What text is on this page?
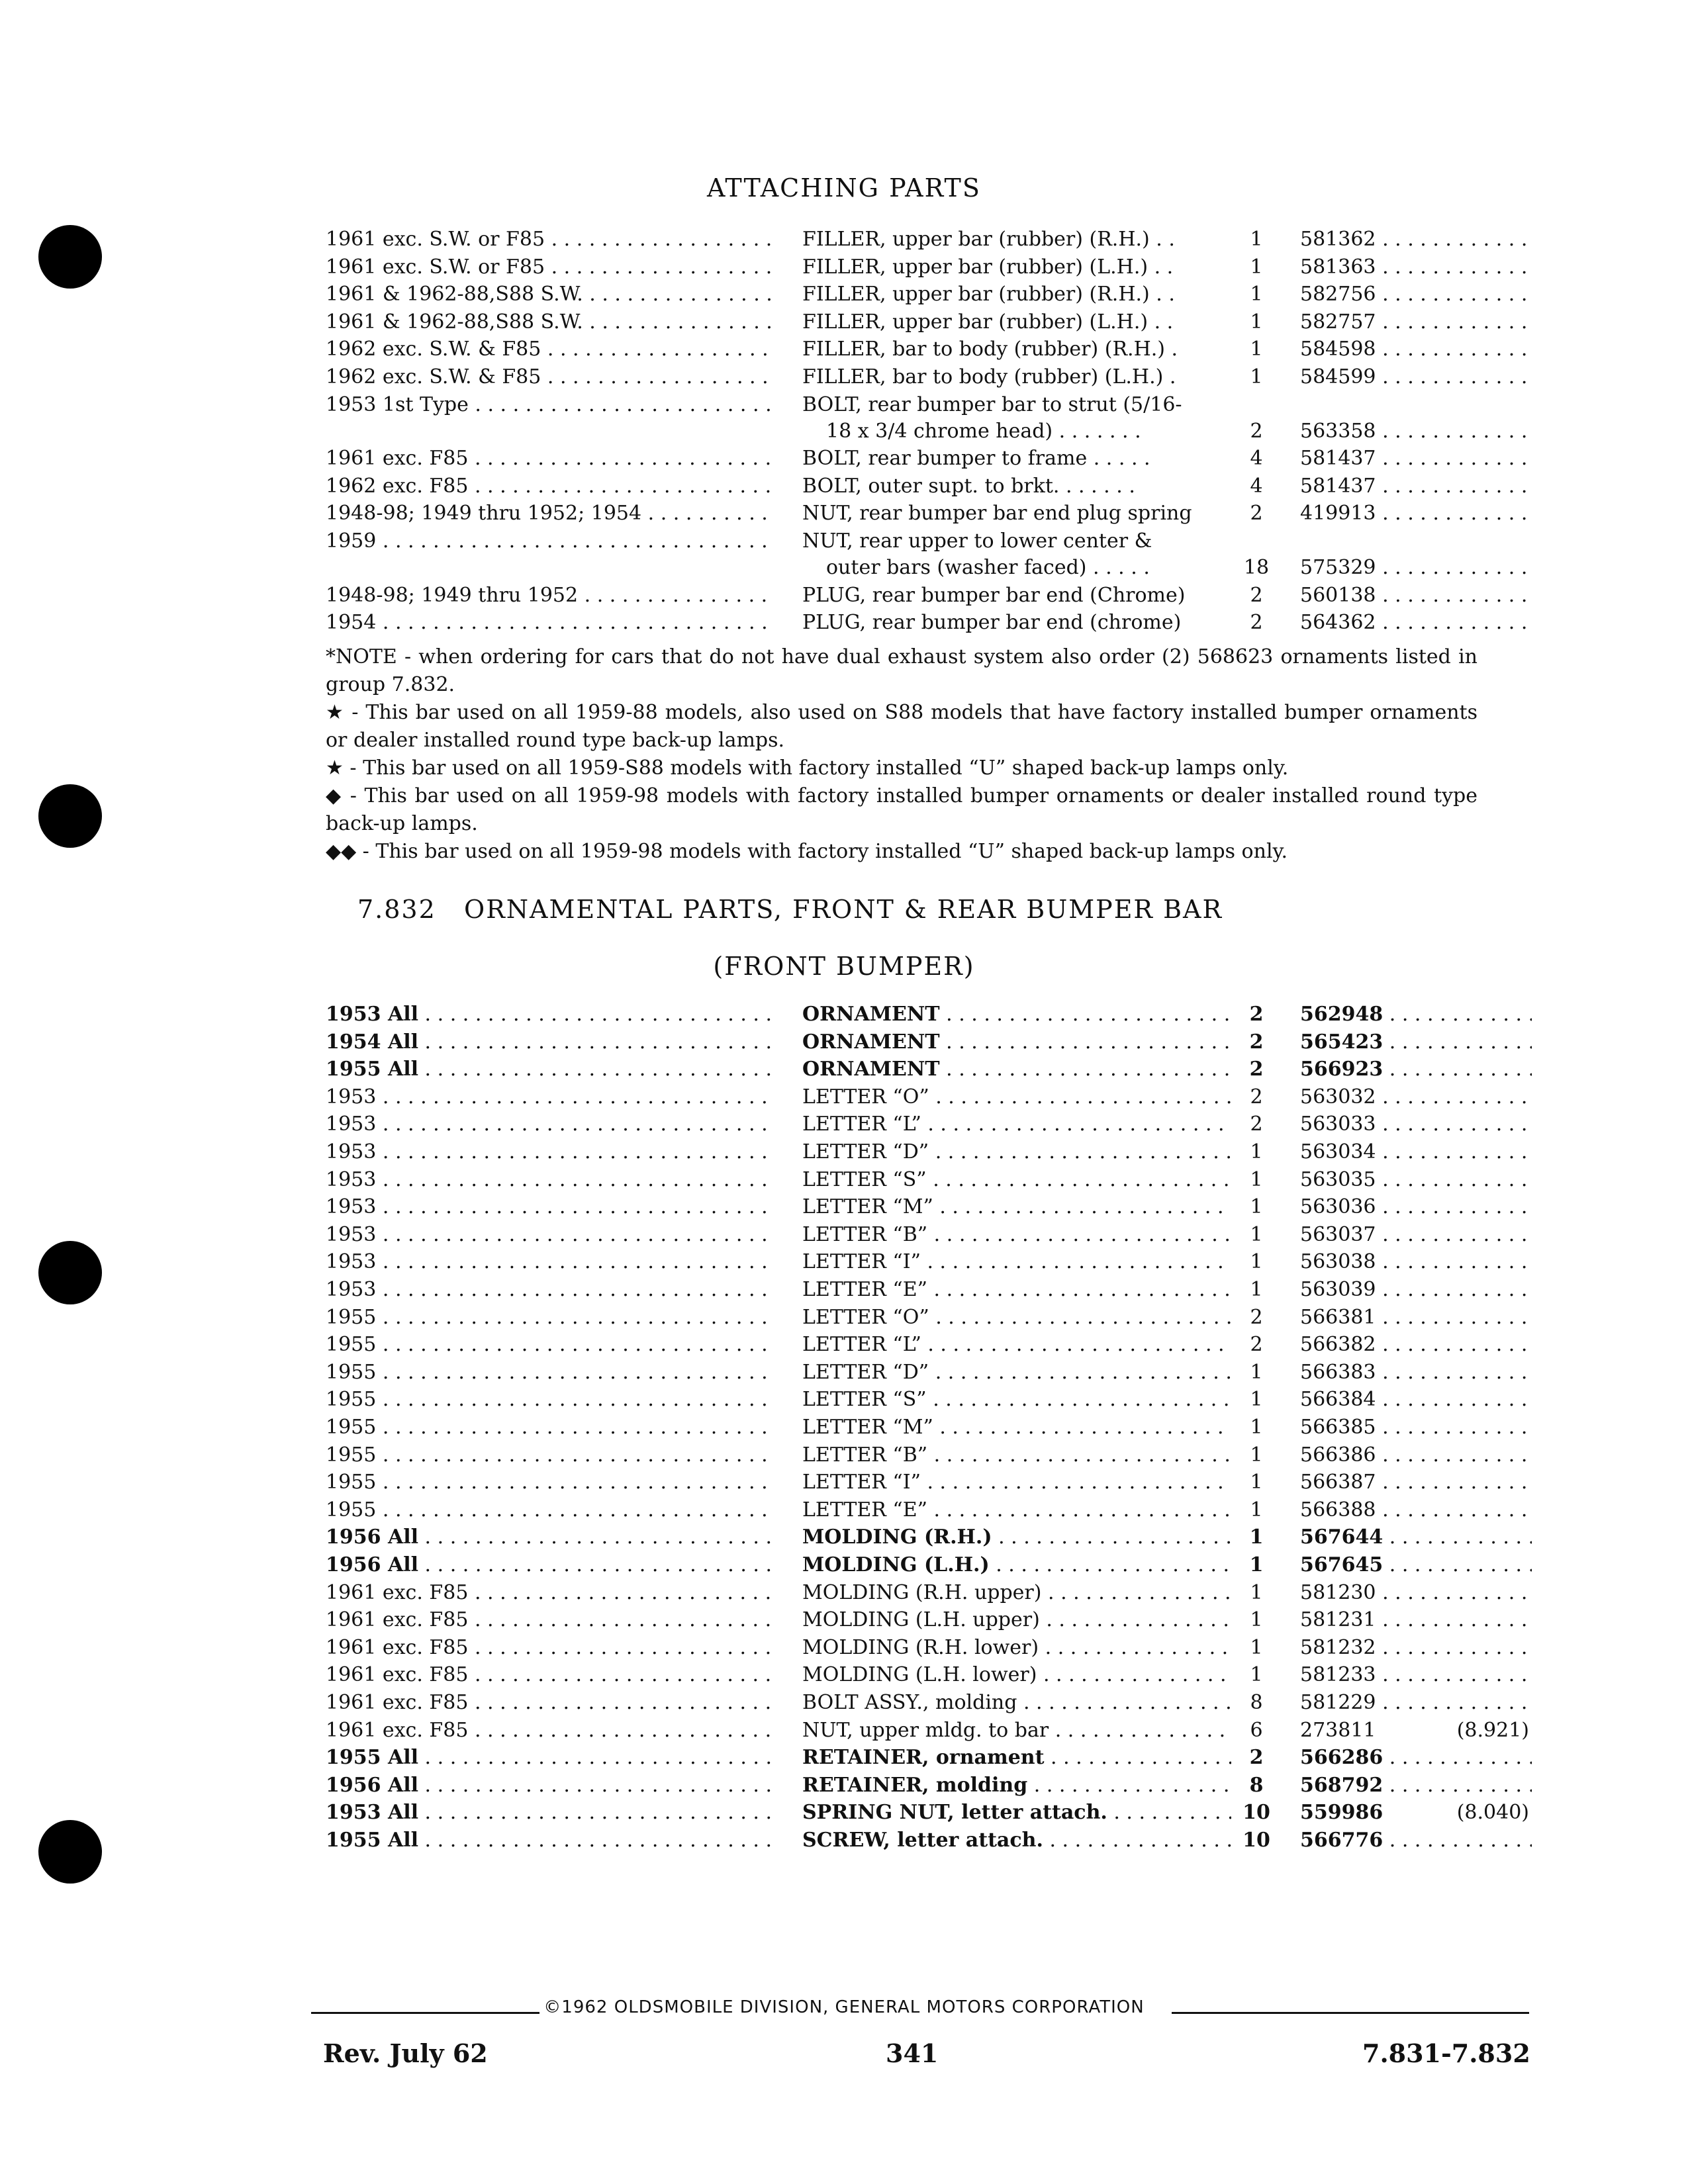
ATTACHING PARTS
1961 exc. S.W. or F85 . . .	FILLER, upper bar (rubber) (R.H.) . .	1	581362 . . .
1961 exc. S.W. or F85 . . .	FILLER, upper bar (rubber) (L.H.) . .	1	581363 . . .
1961 & 1962-88,S88 S.W. . . .	FILLER, upper bar (rubber) (R.H.) . .	1	582756 . . .
1961 & 1962-88,S88 S.W. . . .	FILLER, upper bar (rubber) (L.H.) . .	1	582757 . . .
1962 exc. S.W. & F85 . . .	FILLER, bar to body (rubber) (R.H.) .	1	584598 . . .
1962 exc. S.W. & F85 . . .	FILLER, bar to body (rubber) (L.H.) .	1	584599 . . .
1953 1st Type . . .	BOLT, rear bumper bar to strut (5/16-
18 x 3/4 chrome head) . . . . . . .	2	563358 . . .
1961 exc. F85 . . .	BOLT, rear bumper to frame . . . . .	4	581437 . . .
1962 exc. F85 . . .	BOLT, outer supt. to brkt. . . . . . .	4	581437 . . .
1948-98; 1949 thru 1952; 1954 . . .	NUT, rear bumper bar end plug spring	2	419913 . . .
1959 . . .	NUT, rear upper to lower center &
outer bars (washer faced) . . . . .	18	575329 . . .
1948-98; 1949 thru 1952 . . .	PLUG, rear bumper bar end (Chrome)	2	560138 . . .
1954 . . .	PLUG, rear bumper bar end (chrome)	2	564362 . . .

*NOTE - when ordering for cars that do not have dual exhaust system also order (2) 568623 ornaments listed in group 7.832.

★ - This bar used on all 1959-88 models, also used on S88 models that have factory installed bumper ornaments or dealer installed round type back-up lamps.

★ - This bar used on all 1959-S88 models with factory installed “U” shaped back-up lamps only.

◆ - This bar used on all 1959-98 models with factory installed bumper ornaments or dealer installed round type back-up lamps.

◆◆ - This bar used on all 1959-98 models with factory installed “U” shaped back-up lamps only.

7.832 ORNAMENTAL PARTS, FRONT & REAR BUMPER BAR
(FRONT BUMPER)
1953 All . . .	ORNAMENT . . .	2	562948 . . .
1954 All . . .	ORNAMENT . . .	2	565423 . . .
1955 All . . .	ORNAMENT . . .	2	566923 . . .
1953 . . .	LETTER “O” . . .	2	563032 . . .
1953 . . .	LETTER “L” . . .	2	563033 . . .
1953 . . .	LETTER “D” . . .	1	563034 . . .
1953 . . .	LETTER “S” . . .	1	563035 . . .
1953 . . .	LETTER “M” . . .	1	563036 . . .
1953 . . .	LETTER “B” . . .	1	563037 . . .
1953 . . .	LETTER “I” . . .	1	563038 . . .
1953 . . .	LETTER “E” . . .	1	563039 . . .
1955 . . .	LETTER “O” . . .	2	566381 . . .
1955 . . .	LETTER “L” . . .	2	566382 . . .
1955 . . .	LETTER “D” . . .	1	566383 . . .
1955 . . .	LETTER “S” . . .	1	566384 . . .
1955 . . .	LETTER “M” . . .	1	566385 . . .
1955 . . .	LETTER “B” . . .	1	566386 . . .
1955 . . .	LETTER “I” . . .	1	566387 . . .
1955 . . .	LETTER “E” . . .	1	566388 . . .
1956 All . . .	MOLDING (R.H.) . . .	1	567644 . . .
1956 All . . .	MOLDING (L.H.) . . .	1	567645 . . .
1961 exc. F85 . . .	MOLDING (R.H. upper) . . .	1	581230 . . .
1961 exc. F85 . . .	MOLDING (L.H. upper) . . .	1	581231 . . .
1961 exc. F85 . . .	MOLDING (R.H. lower) . . .	1	581232 . . .
1961 exc. F85 . . .	MOLDING (L.H. lower) . . .	1	581233 . . .
1961 exc. F85 . . .	BOLT ASSY., molding . . .	8	581229 . . .
1961 exc. F85 . . .	NUT, upper mldg. to bar . . .	6	273811	(8.921)
1955 All . . .	RETAINER, ornament . . .	2	566286 . . .
1956 All . . .	RETAINER, molding . . .	8	568792 . . .
1953 All . . .	SPRING NUT, letter attach. . . .	10	559986	(8.040)
1955 All . . .	SCREW, letter attach. . . .	10	566776 . . .
©1962 OLDSMOBILE DIVISION, GENERAL MOTORS CORPORATION
Rev. July 62	341	7.831-7.832
